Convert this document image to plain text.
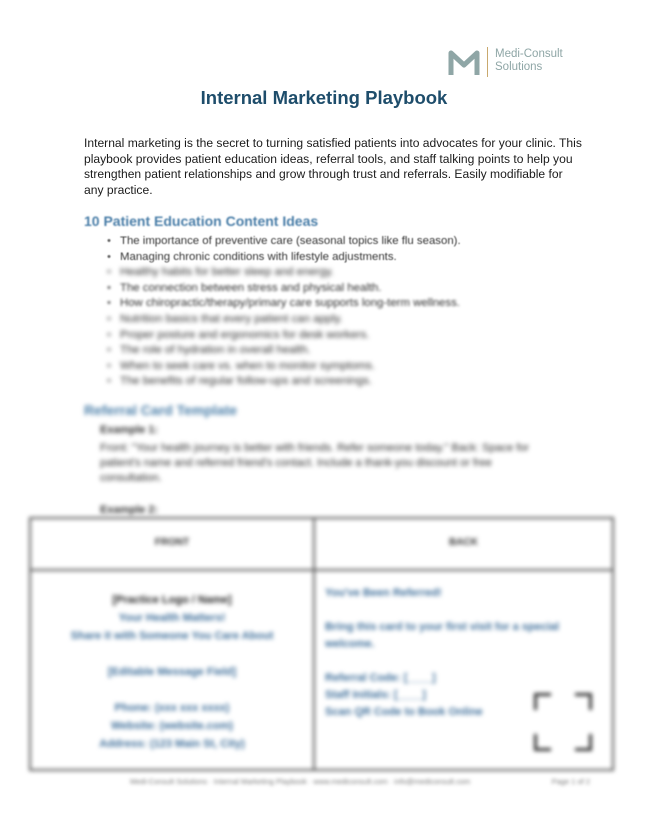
Medi-Consult
Solutions
Internal Marketing Playbook
Internal marketing is the secret to turning satisfied patients into advocates for your clinic. This playbook provides patient education ideas, referral tools, and staff talking points to help you strengthen patient relationships and grow through trust and referrals. Easily modifiable for any practice.
10 Patient Education Content Ideas
• The importance of preventive care (seasonal topics like flu season).
• Managing chronic conditions with lifestyle adjustments.
• Healthy habits for better sleep and energy.
• The connection between stress and physical health.
• How chiropractic/therapy/primary care supports long-term wellness.
• Nutrition basics that every patient can apply.
• Proper posture and ergonomics for desk workers.
• The role of hydration in overall health.
• When to seek care vs. when to monitor symptoms.
• The benefits of regular follow-ups and screenings.
Referral Card Template
Example 1:
Front: "Your health journey is better with friends. Refer someone today." Back: Space for patient's name and referred friend's contact. Include a thank-you discount or free consultation.
Example 2:
FRONT	BACK
[Practice Logo / Name]
Your Health Matters!
Share it with Someone You Care About

[Editable Message Field]

Phone: (xxx xxx xxxx)
Website: (website.com)
Address: (123 Main St, City)
You've Been Referred!

Bring this card to your first visit for a special welcome.

Referral Code: [____]
Staff Initials: [____]
Scan QR Code to Book Online
Medi-Consult Solutions · Internal Marketing Playbook · www.mediconsult.com · info@mediconsult.com	Page 1 of 2
